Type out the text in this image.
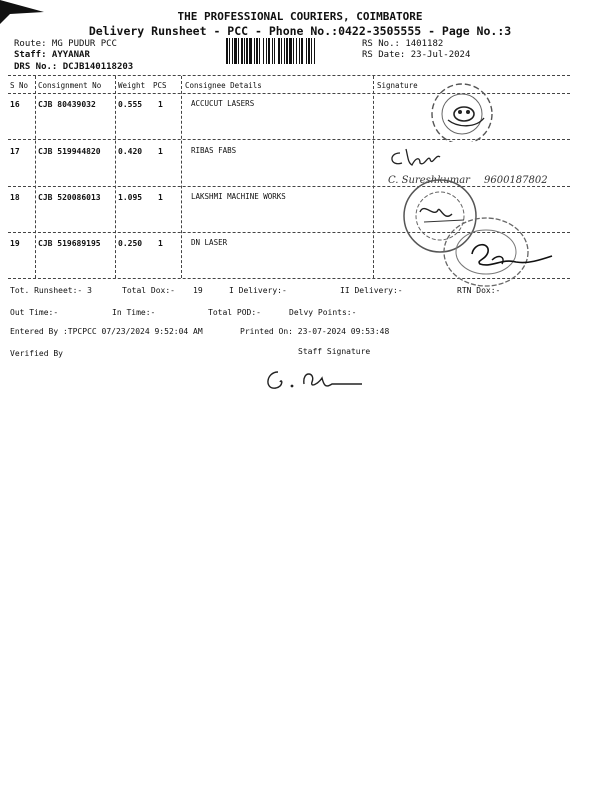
THE PROFESSIONAL COURIERS, COIMBATORE
Delivery Runsheet - PCC - Phone No.:0422-3505555 - Page No.:3
Route: MG PUDUR PCC
Staff: AYYANAR
DRS No.: DCJB140118203
RS No.: 1401182
RS Date: 23-Jul-2024
S No Consignment No Weight PCS Consignee Details	Signature
16 CJB 80439032	0.555 1	ACCUCUT LASERS
17 CJB 519944820 0.420 1	RIBAS FABS
18 CJB 520086013 1.095 1	LAKSHMI MACHINE WORKS
19 CJB 519689195 0.250 1	DN LASER
C. Sureshkumar 9600187802
Tot. Runsheet:- 3	Total Dox:- 19	I Delivery:-	II Delivery:-	RTN Dox:-
Out Time:-	In Time:-	Total POD:-	Delvy Points:-
Entered By :TPCPCC 07/23/2024 9:52:04 AM	Printed On: 23-07-2024 09:53:48
Verified By	Staff Signature
